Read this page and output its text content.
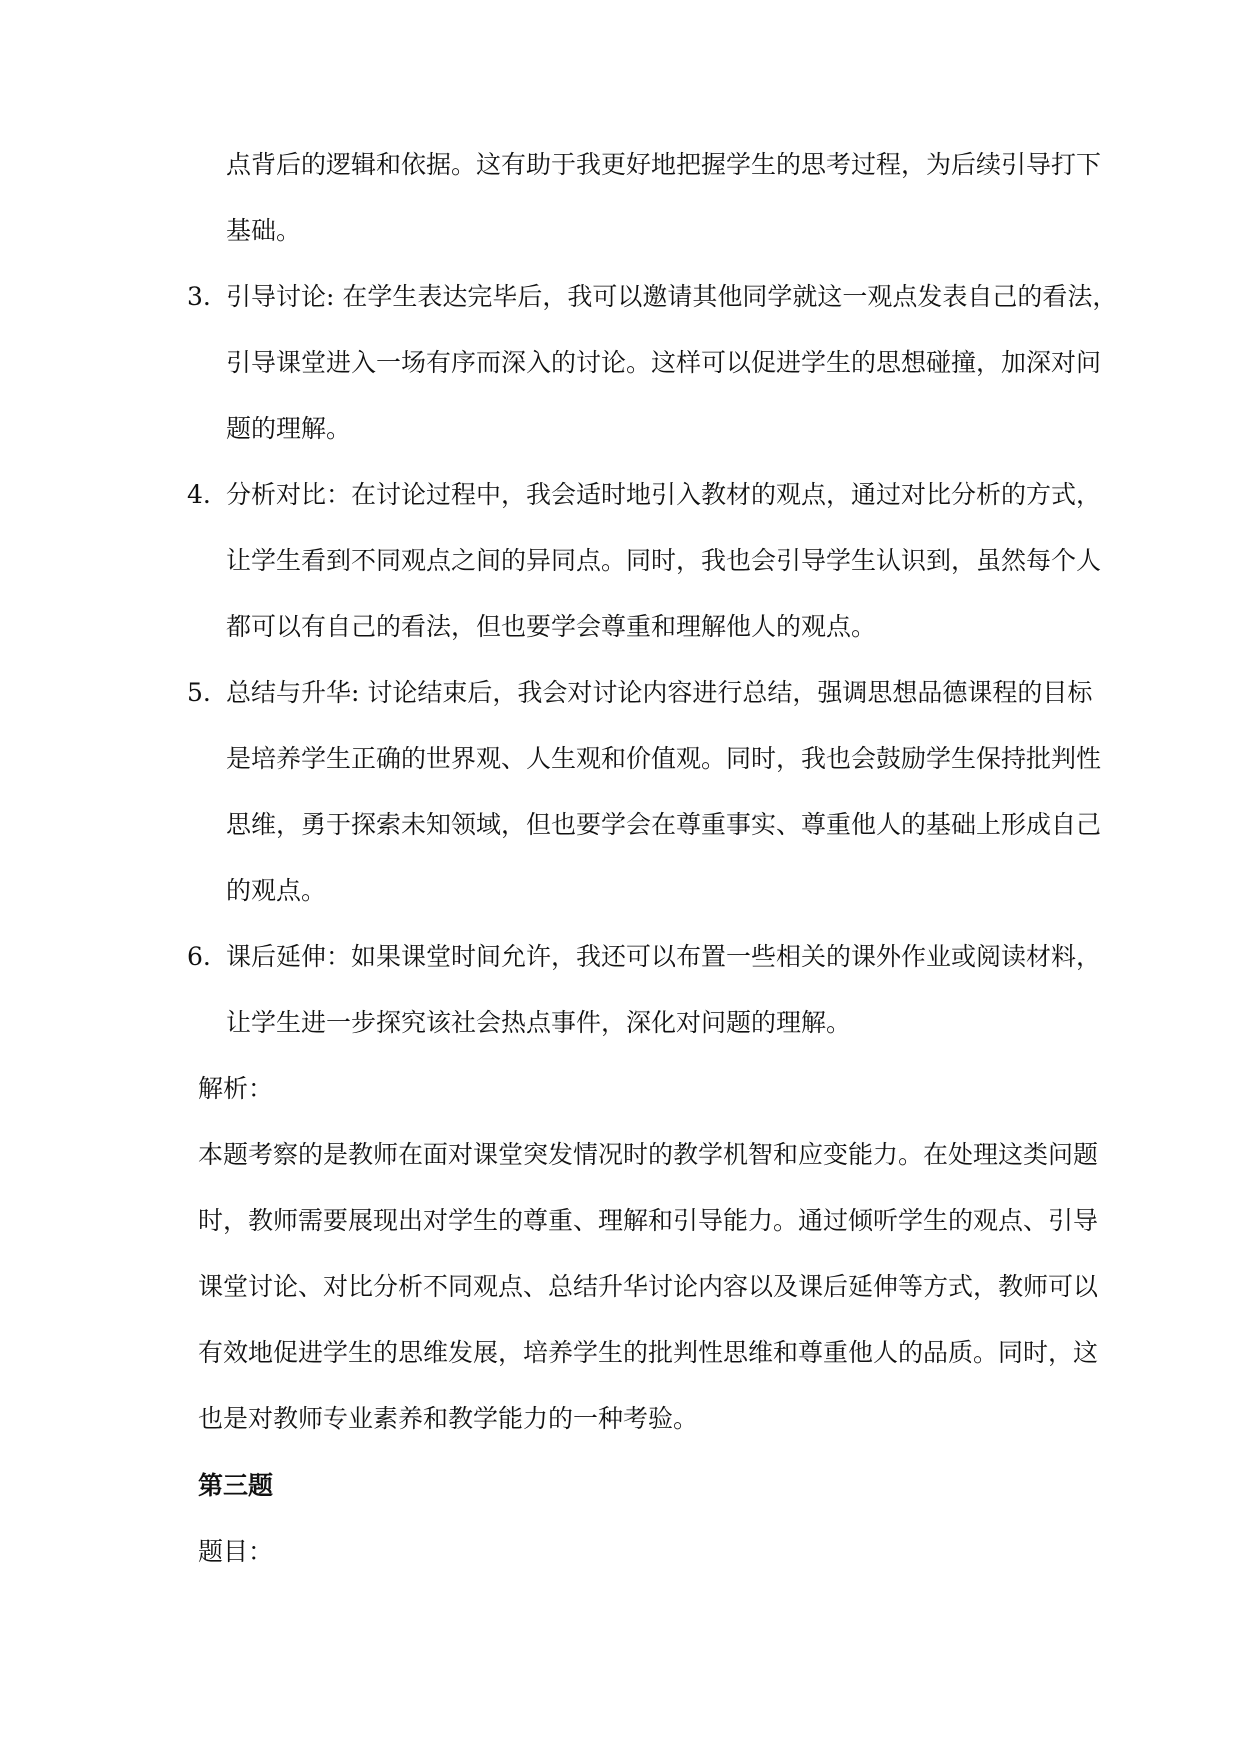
点背后的逻辑和依据。这有助于我更好地把握学生的思考过程，为后续引导打下
基础。
3. 引导讨论: 在学生表达完毕后，我可以邀请其他同学就这一观点发表自己的看法，
引导课堂进入一场有序而深入的讨论。这样可以促进学生的思想碰撞，加深对问
题的理解。
4. 分析对比：在讨论过程中，我会适时地引入教材的观点，通过对比分析的方式，
让学生看到不同观点之间的异同点。同时，我也会引导学生认识到，虽然每个人
都可以有自己的看法，但也要学会尊重和理解他人的观点。
5. 总结与升华: 讨论结束后，我会对讨论内容进行总结，强调思想品德课程的目标
是培养学生正确的世界观、人生观和价值观。同时，我也会鼓励学生保持批判性
思维，勇于探索未知领域，但也要学会在尊重事实、尊重他人的基础上形成自己
的观点。
6. 课后延伸：如果课堂时间允许，我还可以布置一些相关的课外作业或阅读材料，
让学生进一步探究该社会热点事件，深化对问题的理解。
解析：
本题考察的是教师在面对课堂突发情况时的教学机智和应变能力。在处理这类问题
时，教师需要展现出对学生的尊重、理解和引导能力。通过倾听学生的观点、引导
课堂讨论、对比分析不同观点、总结升华讨论内容以及课后延伸等方式，教师可以
有效地促进学生的思维发展，培养学生的批判性思维和尊重他人的品质。同时，这
也是对教师专业素养和教学能力的一种考验。
第三题
题目：
